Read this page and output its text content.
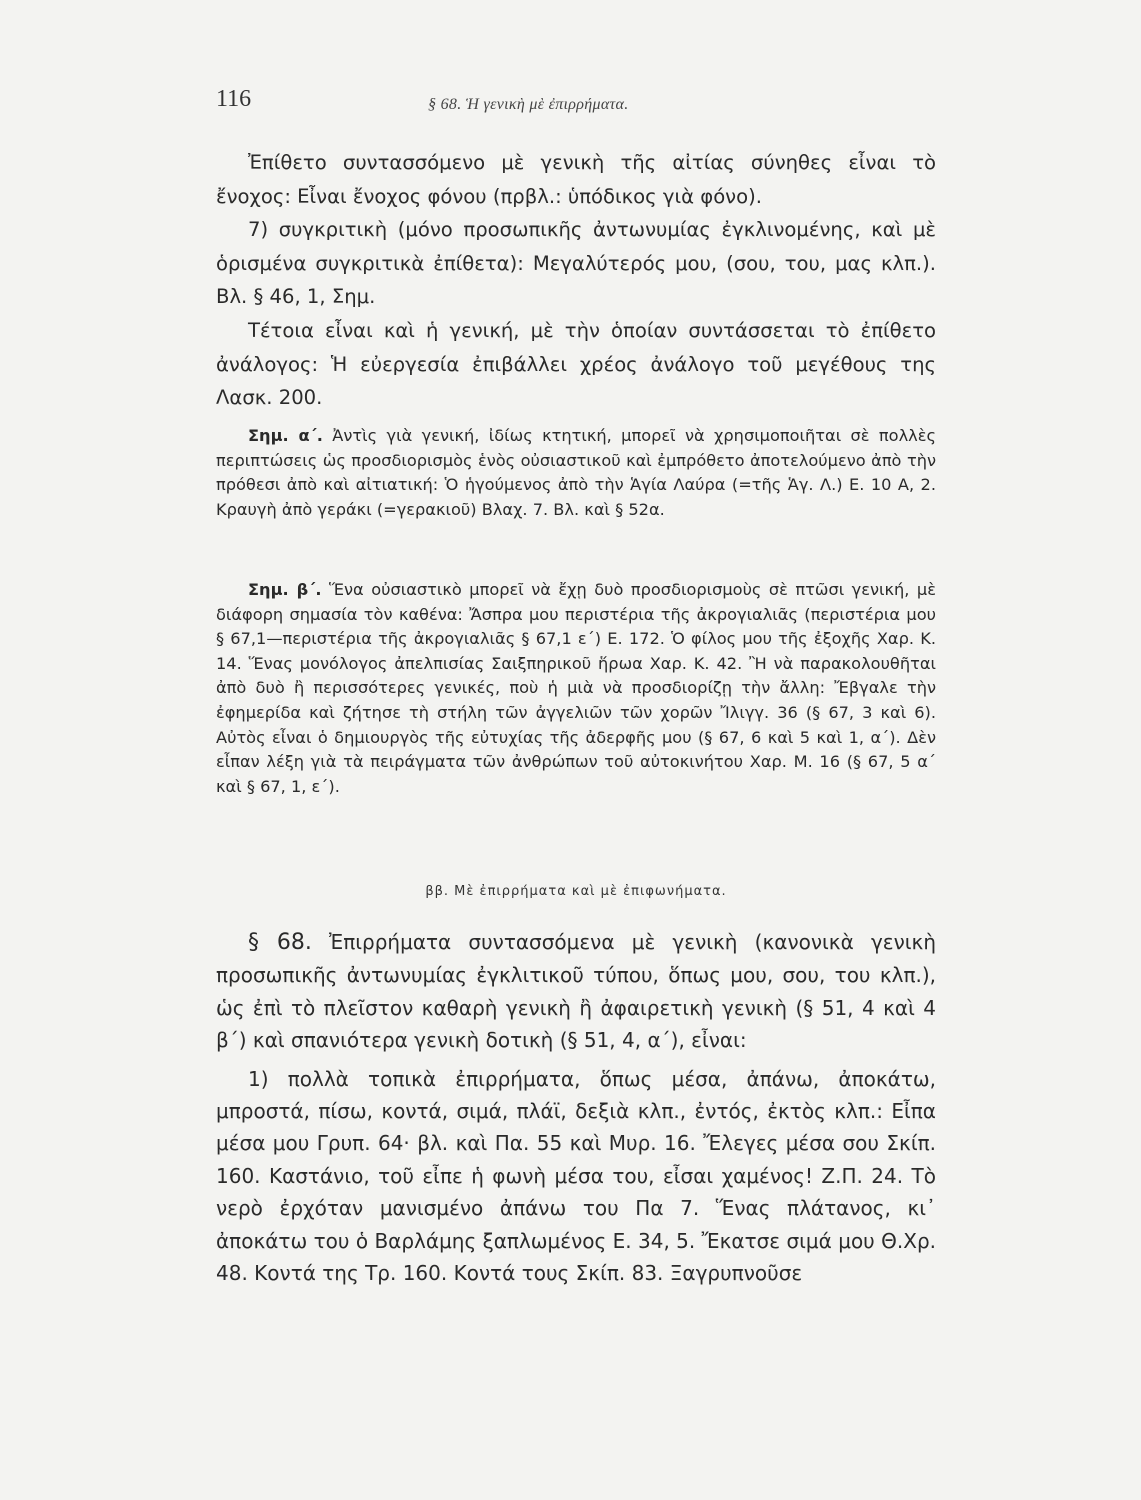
116	§ 68. Ἡ γενικὴ μὲ ἐπιρρήματα.

Ἐπίθετο συντασσόμενο μὲ γενικὴ τῆς αἰτίας σύνηθες εἶναι τὸ ἔνοχος: Εἶναι ἔνοχος φόνου (πρβλ.: ὑπόδικος γιὰ φόνο).

7) συγκριτικὴ (μόνο προσωπικῆς ἀντωνυμίας ἐγκλινομένης, καὶ μὲ ὁρισμένα συγκριτικὰ ἐπίθετα): Μεγαλύτερός μου, (σου, του, μας κλπ.). Βλ. § 46, 1, Σημ.

Τέτοια εἶναι καὶ ἡ γενική, μὲ τὴν ὁποίαν συντάσσεται τὸ ἐπίθετο ἀνάλογος: Ἡ εὐεργεσία ἐπιβάλλει χρέος ἀνάλογο τοῦ μεγέθους της Λασκ. 200.

Σημ. α΄. Ἀντὶς γιὰ γενική, ἰδίως κτητική, μπορεῖ νὰ χρησιμοποιῆται σὲ πολλὲς περιπτώσεις ὡς προσδιορισμὸς ἑνὸς οὐσιαστικοῦ καὶ ἐμπρόθετο ἀποτελούμενο ἀπὸ τὴν πρόθεσι ἀπὸ καὶ αἰτιατική: Ὁ ἡγούμενος ἀπὸ τὴν Ἁγία Λαύρα (=τῆς Ἁγ. Λ.) Ε. 10 Α, 2. Κραυγὴ ἀπὸ γεράκι (=γερακιοῦ) Βλαχ. 7. Βλ. καὶ § 52α.

Σημ. β΄. Ἕνα οὐσιαστικὸ μπορεῖ νὰ ἔχῃ δυὸ προσδιορισμοὺς σὲ πτῶσι γενική, μὲ διάφορη σημασία τὸν καθένα: Ἄσπρα μου περιστέρια τῆς ἀκρογιαλιᾶς (περιστέρια μου § 67,1—περιστέρια τῆς ἀκρογιαλιᾶς § 67,1 ε΄) Ε. 172. Ὁ φίλος μου τῆς ἐξοχῆς Χαρ. Κ. 14. Ἕνας μονόλογος ἀπελπισίας Σαιξπηρικοῦ ἥρωα Χαρ. Κ. 42. Ἢ νὰ παρακολουθῆται ἀπὸ δυὸ ἢ περισσότερες γενικές, ποὺ ἡ μιὰ νὰ προσδιορίζῃ τὴν ἄλλη: Ἔβγαλε τὴν ἐφημερίδα καὶ ζήτησε τὴ στήλη τῶν ἀγγελιῶν τῶν χορῶν Ἴλιγγ. 36 (§ 67, 3 καὶ 6). Αὐτὸς εἶναι ὁ δημιουργὸς τῆς εὐτυχίας τῆς ἀδερφῆς μου (§ 67, 6 καὶ 5 καὶ 1, α΄). Δὲν εἶπαν λέξη γιὰ τὰ πειράγματα τῶν ἀνθρώπων τοῦ αὐτοκινήτου Χαρ. Μ. 16 (§ 67, 5 α΄ καὶ § 67, 1, ε΄).

ββ. Μὲ ἐπιρρήματα καὶ μὲ ἐπιφωνήματα.

§ 68. Ἐπιρρήματα συντασσόμενα μὲ γενικὴ (κανονικὰ γενικὴ προσωπικῆς ἀντωνυμίας ἐγκλιτικοῦ τύπου, ὅπως μου, σου, του κλπ.), ὡς ἐπὶ τὸ πλεῖστον καθαρὴ γενικὴ ἢ ἀφαιρετικὴ γενικὴ (§ 51, 4 καὶ 4 β΄) καὶ σπανιότερα γενικὴ δοτικὴ (§ 51, 4, α΄), εἶναι:

1) πολλὰ τοπικὰ ἐπιρρήματα, ὅπως μέσα, ἀπάνω, ἀποκάτω, μπροστά, πίσω, κοντά, σιμά, πλάϊ, δεξιὰ κλπ., ἐντός, ἐκτὸς κλπ.: Εἶπα μέσα μου Γρυπ. 64· βλ. καὶ Πα. 55 καὶ Μυρ. 16. Ἔλεγες μέσα σου Σκίπ. 160. Καστάνιο, τοῦ εἶπε ἡ φωνὴ μέσα του, εἶσαι χαμένος! Ζ.Π. 24. Τὸ νερὸ ἐρχόταν μανισμένο ἀπάνω του Πα 7. Ἕνας πλάτανος, κι᾿ ἀποκάτω του ὁ Βαρλάμης ξαπλωμένος Ε. 34, 5. Ἔκατσε σιμά μου Θ.Χρ. 48. Κοντά της Τρ. 160. Κοντά τους Σκίπ. 83. Ξαγρυπνοῦσε
